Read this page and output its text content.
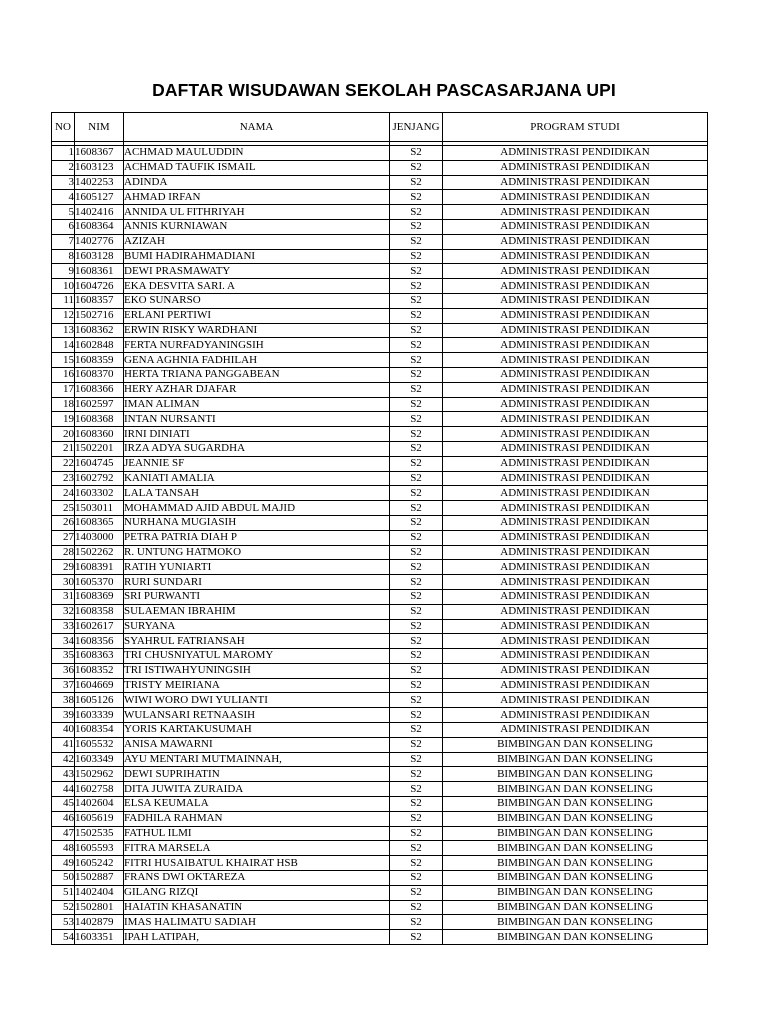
DAFTAR WISUDAWAN SEKOLAH PASCASARJANA UPI
NO	NIM	NAMA	JENJANG	PROGRAM STUDI

1	1608367	ACHMAD MAULUDDIN	S2	ADMINISTRASI PENDIDIKAN
2	1603123	ACHMAD TAUFIK ISMAIL	S2	ADMINISTRASI PENDIDIKAN
3	1402253	ADINDA	S2	ADMINISTRASI PENDIDIKAN
4	1605127	AHMAD IRFAN	S2	ADMINISTRASI PENDIDIKAN
5	1402416	ANNIDA UL FITHRIYAH	S2	ADMINISTRASI PENDIDIKAN
6	1608364	ANNIS KURNIAWAN	S2	ADMINISTRASI PENDIDIKAN
7	1402776	AZIZAH	S2	ADMINISTRASI PENDIDIKAN
8	1603128	BUMI HADIRAHMADIANI	S2	ADMINISTRASI PENDIDIKAN
9	1608361	DEWI PRASMAWATY	S2	ADMINISTRASI PENDIDIKAN
10	1604726	EKA DESVITA SARI. A	S2	ADMINISTRASI PENDIDIKAN
11	1608357	EKO SUNARSO	S2	ADMINISTRASI PENDIDIKAN
12	1502716	ERLANI PERTIWI	S2	ADMINISTRASI PENDIDIKAN
13	1608362	ERWIN RISKY WARDHANI	S2	ADMINISTRASI PENDIDIKAN
14	1602848	FERTA NURFADYANINGSIH	S2	ADMINISTRASI PENDIDIKAN
15	1608359	GENA AGHNIA FADHILAH	S2	ADMINISTRASI PENDIDIKAN
16	1608370	HERTA TRIANA PANGGABEAN	S2	ADMINISTRASI PENDIDIKAN
17	1608366	HERY AZHAR DJAFAR	S2	ADMINISTRASI PENDIDIKAN
18	1602597	IMAN ALIMAN	S2	ADMINISTRASI PENDIDIKAN
19	1608368	INTAN NURSANTI	S2	ADMINISTRASI PENDIDIKAN
20	1608360	IRNI DINIATI	S2	ADMINISTRASI PENDIDIKAN
21	1502201	IRZA ADYA SUGARDHA	S2	ADMINISTRASI PENDIDIKAN
22	1604745	JEANNIE SF	S2	ADMINISTRASI PENDIDIKAN
23	1602792	KANIATI AMALIA	S2	ADMINISTRASI PENDIDIKAN
24	1603302	LALA TANSAH	S2	ADMINISTRASI PENDIDIKAN
25	1503011	MOHAMMAD AJID ABDUL MAJID	S2	ADMINISTRASI PENDIDIKAN
26	1608365	NURHANA MUGIASIH	S2	ADMINISTRASI PENDIDIKAN
27	1403000	PETRA PATRIA DIAH P	S2	ADMINISTRASI PENDIDIKAN
28	1502262	R. UNTUNG HATMOKO	S2	ADMINISTRASI PENDIDIKAN
29	1608391	RATIH YUNIARTI	S2	ADMINISTRASI PENDIDIKAN
30	1605370	RURI SUNDARI	S2	ADMINISTRASI PENDIDIKAN
31	1608369	SRI PURWANTI	S2	ADMINISTRASI PENDIDIKAN
32	1608358	SULAEMAN IBRAHIM	S2	ADMINISTRASI PENDIDIKAN
33	1602617	SURYANA	S2	ADMINISTRASI PENDIDIKAN
34	1608356	SYAHRUL FATRIANSAH	S2	ADMINISTRASI PENDIDIKAN
35	1608363	TRI CHUSNIYATUL MAROMY	S2	ADMINISTRASI PENDIDIKAN
36	1608352	TRI ISTIWAHYUNINGSIH	S2	ADMINISTRASI PENDIDIKAN
37	1604669	TRISTY MEIRIANA	S2	ADMINISTRASI PENDIDIKAN
38	1605126	WIWI WORO DWI YULIANTI	S2	ADMINISTRASI PENDIDIKAN
39	1603339	WULANSARI RETNAASIH	S2	ADMINISTRASI PENDIDIKAN
40	1608354	YORIS KARTAKUSUMAH	S2	ADMINISTRASI PENDIDIKAN
41	1605532	ANISA MAWARNI	S2	BIMBINGAN DAN KONSELING
42	1603349	AYU MENTARI MUTMAINNAH,	S2	BIMBINGAN DAN KONSELING
43	1502962	DEWI SUPRIHATIN	S2	BIMBINGAN DAN KONSELING
44	1602758	DITA JUWITA ZURAIDA	S2	BIMBINGAN DAN KONSELING
45	1402604	ELSA KEUMALA	S2	BIMBINGAN DAN KONSELING
46	1605619	FADHILA RAHMAN	S2	BIMBINGAN DAN KONSELING
47	1502535	FATHUL ILMI	S2	BIMBINGAN DAN KONSELING
48	1605593	FITRA MARSELA	S2	BIMBINGAN DAN KONSELING
49	1605242	FITRI HUSAIBATUL KHAIRAT HSB	S2	BIMBINGAN DAN KONSELING
50	1502887	FRANS DWI OKTAREZA	S2	BIMBINGAN DAN KONSELING
51	1402404	GILANG RIZQI	S2	BIMBINGAN DAN KONSELING
52	1502801	HAIATIN KHASANATIN	S2	BIMBINGAN DAN KONSELING
53	1402879	IMAS HALIMATU SADIAH	S2	BIMBINGAN DAN KONSELING
54	1603351	IPAH LATIPAH,	S2	BIMBINGAN DAN KONSELING
